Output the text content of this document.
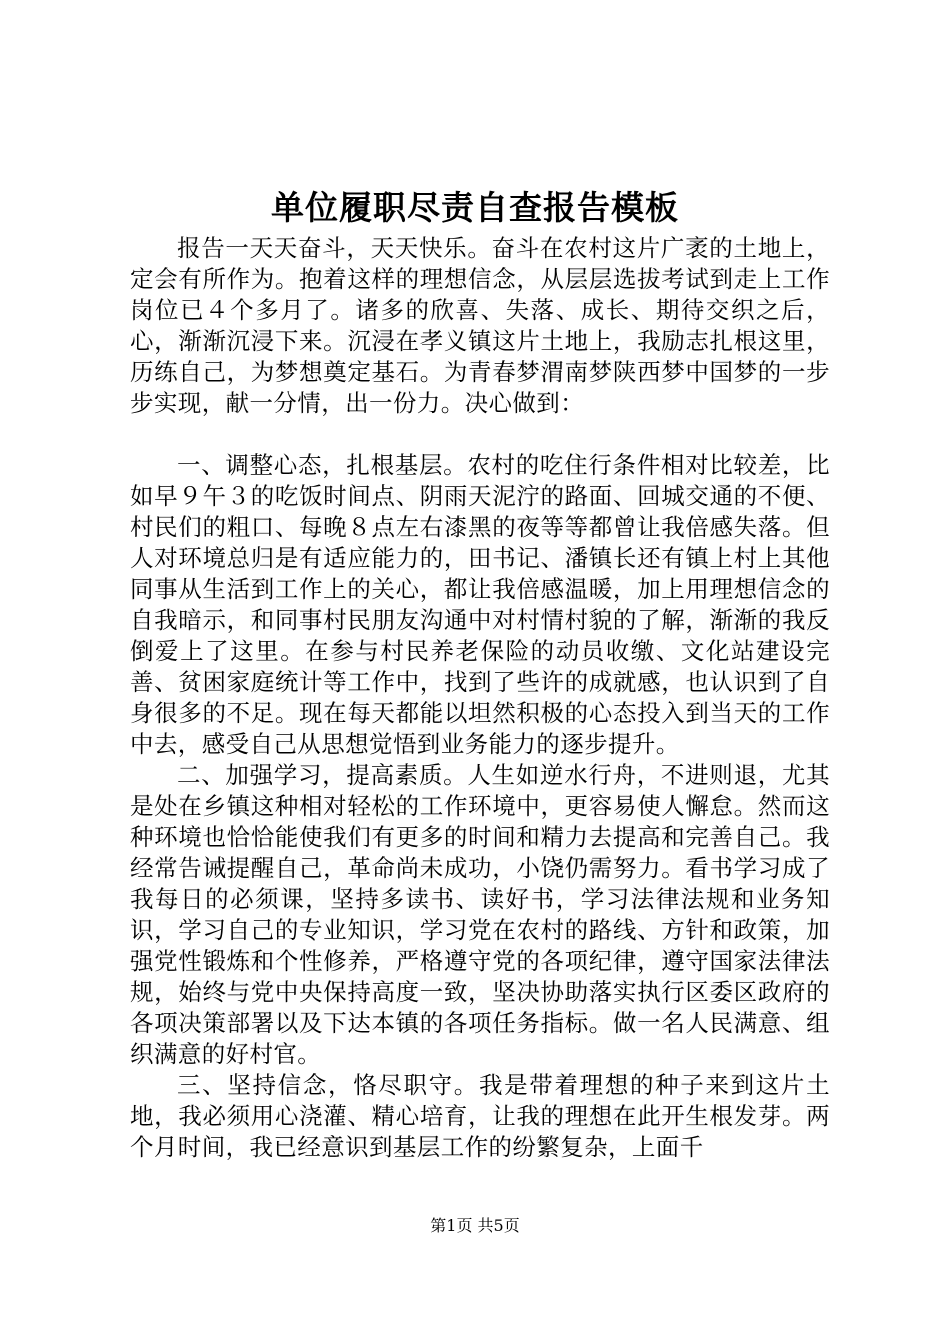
单位履职尽责自查报告模板

报告一天天奋斗，天天快乐。奋斗在农村这片广袤的土地上，定会有所作为。抱着这样的理想信念，从层层选拔考试到走上工作岗位已４个多月了。诸多的欣喜、失落、成长、期待交织之后，心，渐渐沉浸下来。沉浸在孝义镇这片土地上，我励志扎根这里，历练自己，为梦想奠定基石。为青春梦渭南梦陕西梦中国梦的一步步实现，献一分情，出一份力。决心做到：

一、调整心态，扎根基层。农村的吃住行条件相对比较差，比如早９午３的吃饭时间点、阴雨天泥泞的路面、回城交通的不便、村民们的粗口、每晚８点左右漆黑的夜等等都曾让我倍感失落。但人对环境总归是有适应能力的，田书记、潘镇长还有镇上村上其他同事从生活到工作上的关心，都让我倍感温暖，加上用理想信念的自我暗示，和同事村民朋友沟通中对村情村貌的了解，渐渐的我反倒爱上了这里。在参与村民养老保险的动员收缴、文化站建设完善、贫困家庭统计等工作中，找到了些许的成就感，也认识到了自身很多的不足。现在每天都能以坦然积极的心态投入到当天的工作中去，感受自己从思想觉悟到业务能力的逐步提升。

二、加强学习，提高素质。人生如逆水行舟，不进则退，尤其是处在乡镇这种相对轻松的工作环境中，更容易使人懈怠。然而这种环境也恰恰能使我们有更多的时间和精力去提高和完善自己。我经常告诫提醒自己，革命尚未成功，小饶仍需努力。看书学习成了我每日的必须课，坚持多读书、读好书，学习法律法规和业务知识，学习自己的专业知识，学习党在农村的路线、方针和政策，加强党性锻炼和个性修养，严格遵守党的各项纪律，遵守国家法律法规，始终与党中央保持高度一致，坚决协助落实执行区委区政府的各项决策部署以及下达本镇的各项任务指标。做一名人民满意、组织满意的好村官。

三、坚持信念，恪尽职守。我是带着理想的种子来到这片土地，我必须用心浇灌、精心培育，让我的理想在此开生根发芽。两个月时间，我已经意识到基层工作的纷繁复杂，上面千

第1页 共5页
